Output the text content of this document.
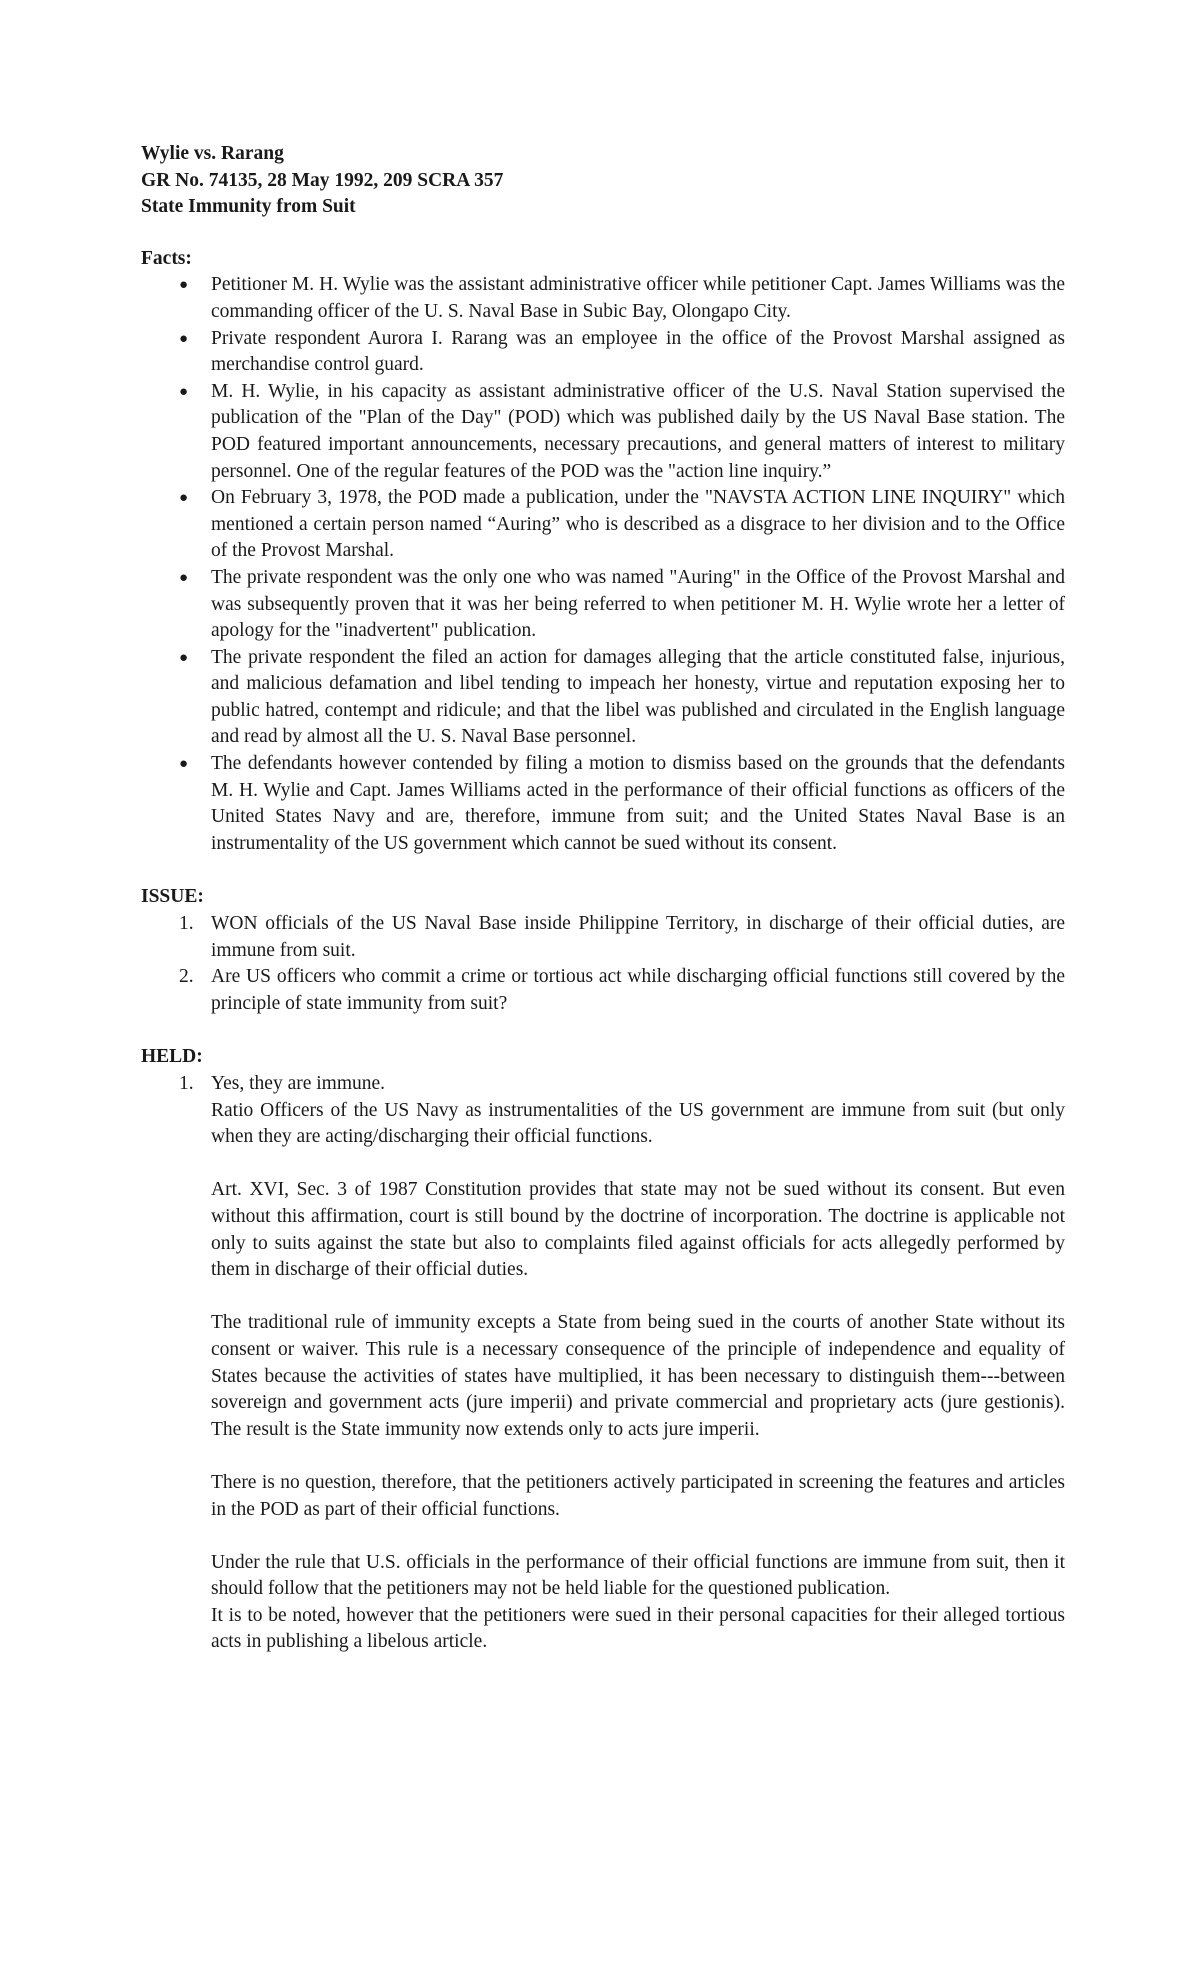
Wylie vs. Rarang

GR No. 74135, 28 May 1992, 209 SCRA 357

State Immunity from Suit

Facts:

● Petitioner M. H. Wylie was the assistant administrative officer while petitioner Capt. James Williams was the commanding officer of the U. S. Naval Base in Subic Bay, Olongapo City.
● Private respondent Aurora I. Rarang was an employee in the office of the Provost Marshal assigned as merchandise control guard.
● M. H. Wylie, in his capacity as assistant administrative officer of the U.S. Naval Station supervised the publication of the "Plan of the Day" (POD) which was published daily by the US Naval Base station. The POD featured important announcements, necessary precautions, and general matters of interest to military personnel. One of the regular features of the POD was the "action line inquiry.”
● On February 3, 1978, the POD made a publication, under the "NAVSTA ACTION LINE INQUIRY" which mentioned a certain person named “Auring” who is described as a disgrace to her division and to the Office of the Provost Marshal.
● The private respondent was the only one who was named "Auring" in the Office of the Provost Marshal and was subsequently proven that it was her being referred to when petitioner M. H. Wylie wrote her a letter of apology for the "inadvertent" publication.
● The private respondent the filed an action for damages alleging that the article constituted false, injurious, and malicious defamation and libel tending to impeach her honesty, virtue and reputation exposing her to public hatred, contempt and ridicule; and that the libel was published and circulated in the English language and read by almost all the U. S. Naval Base personnel.
● The defendants however contended by filing a motion to dismiss based on the grounds that the defendants M. H. Wylie and Capt. James Williams acted in the performance of their official functions as officers of the United States Navy and are, therefore, immune from suit; and the United States Naval Base is an instrumentality of the US government which cannot be sued without its consent.

ISSUE:

1. WON officials of the US Naval Base inside Philippine Territory, in discharge of their official duties, are immune from suit.
2. Are US officers who commit a crime or tortious act while discharging official functions still covered by the principle of state immunity from suit?

HELD:

1. Yes, they are immune.

Ratio Officers of the US Navy as instrumentalities of the US government are immune from suit (but only when they are acting/discharging their official functions.

Art. XVI, Sec. 3 of 1987 Constitution provides that state may not be sued without its consent. But even without this affirmation, court is still bound by the doctrine of incorporation. The doctrine is applicable not only to suits against the state but also to complaints filed against officials for acts allegedly performed by them in discharge of their official duties.

The traditional rule of immunity excepts a State from being sued in the courts of another State without its consent or waiver. This rule is a necessary consequence of the principle of independence and equality of States because the activities of states have multiplied, it has been necessary to distinguish them---between sovereign and government acts (jure imperii) and private commercial and proprietary acts (jure gestionis). The result is the State immunity now extends only to acts jure imperii.

There is no question, therefore, that the petitioners actively participated in screening the features and articles in the POD as part of their official functions.

Under the rule that U.S. officials in the performance of their official functions are immune from suit, then it should follow that the petitioners may not be held liable for the questioned publication.

It is to be noted, however that the petitioners were sued in their personal capacities for their alleged tortious acts in publishing a libelous article.
